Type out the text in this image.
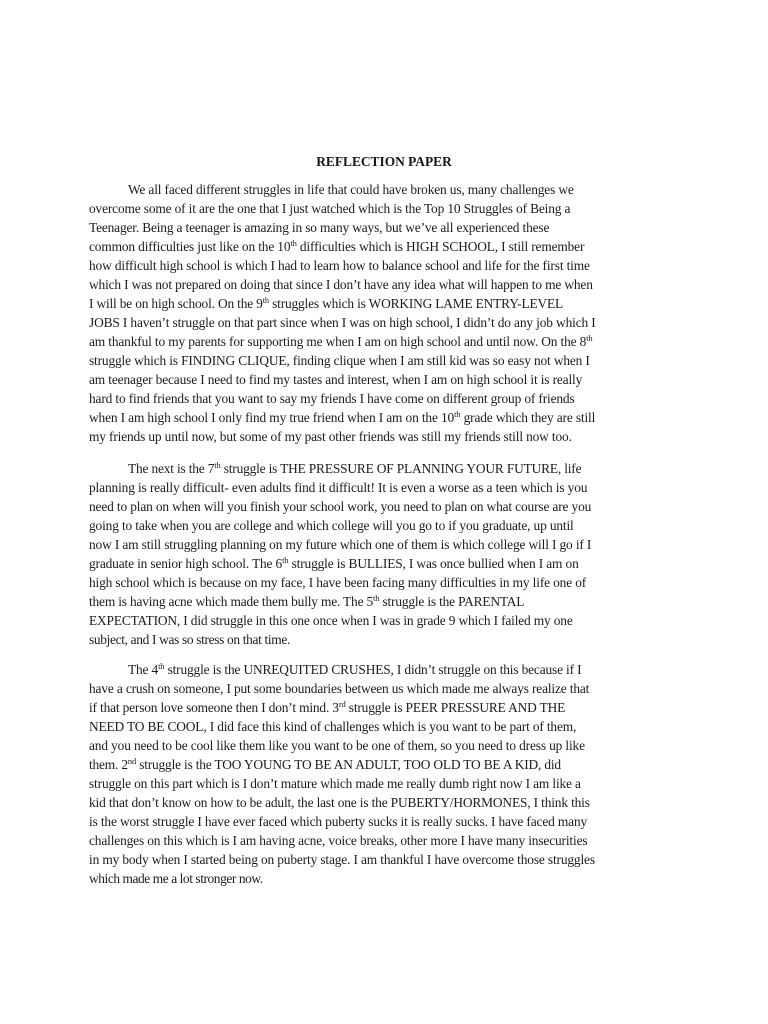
REFLECTION PAPER

We all faced different struggles in life that could have broken us, many challenges we

overcome some of it are the one that I just watched which is the Top 10 Struggles of Being a

Teenager. Being a teenager is amazing in so many ways, but we’ve all experienced these

common difficulties just like on the 10th difficulties which is HIGH SCHOOL, I still remember

how difficult high school is which I had to learn how to balance school and life for the first time

which I was not prepared on doing that since I don’t have any idea what will happen to me when

I will be on high school. On the 9th struggles which is WORKING LAME ENTRY-LEVEL

JOBS I haven’t struggle on that part since when I was on high school, I didn’t do any job which I

am thankful to my parents for supporting me when I am on high school and until now. On the 8th

struggle which is FINDING CLIQUE, finding clique when I am still kid was so easy not when I

am teenager because I need to find my tastes and interest, when I am on high school it is really

hard to find friends that you want to say my friends I have come on different group of friends

when I am high school I only find my true friend when I am on the 10th grade which they are still

my friends up until now, but some of my past other friends was still my friends still now too.

The next is the 7th struggle is THE PRESSURE OF PLANNING YOUR FUTURE, life

planning is really difficult- even adults find it difficult! It is even a worse as a teen which is you

need to plan on when will you finish your school work, you need to plan on what course are you

going to take when you are college and which college will you go to if you graduate, up until

now I am still struggling planning on my future which one of them is which college will I go if I

graduate in senior high school. The 6th struggle is BULLIES, I was once bullied when I am on

high school which is because on my face, I have been facing many difficulties in my life one of

them is having acne which made them bully me. The 5th struggle is the PARENTAL

EXPECTATION, I did struggle in this one once when I was in grade 9 which I failed my one

subject, and I was so stress on that time.

The 4th struggle is the UNREQUITED CRUSHES, I didn’t struggle on this because if I

have a crush on someone, I put some boundaries between us which made me always realize that

if that person love someone then I don’t mind. 3rd struggle is PEER PRESSURE AND THE

NEED TO BE COOL, I did face this kind of challenges which is you want to be part of them,

and you need to be cool like them like you want to be one of them, so you need to dress up like

them. 2nd struggle is the TOO YOUNG TO BE AN ADULT, TOO OLD TO BE A KID, did

struggle on this part which is I don’t mature which made me really dumb right now I am like a

kid that don’t know on how to be adult, the last one is the PUBERTY/HORMONES, I think this

is the worst struggle I have ever faced which puberty sucks it is really sucks. I have faced many

challenges on this which is I am having acne, voice breaks, other more I have many insecurities

in my body when I started being on puberty stage. I am thankful I have overcome those struggles

which made me a lot stronger now.
